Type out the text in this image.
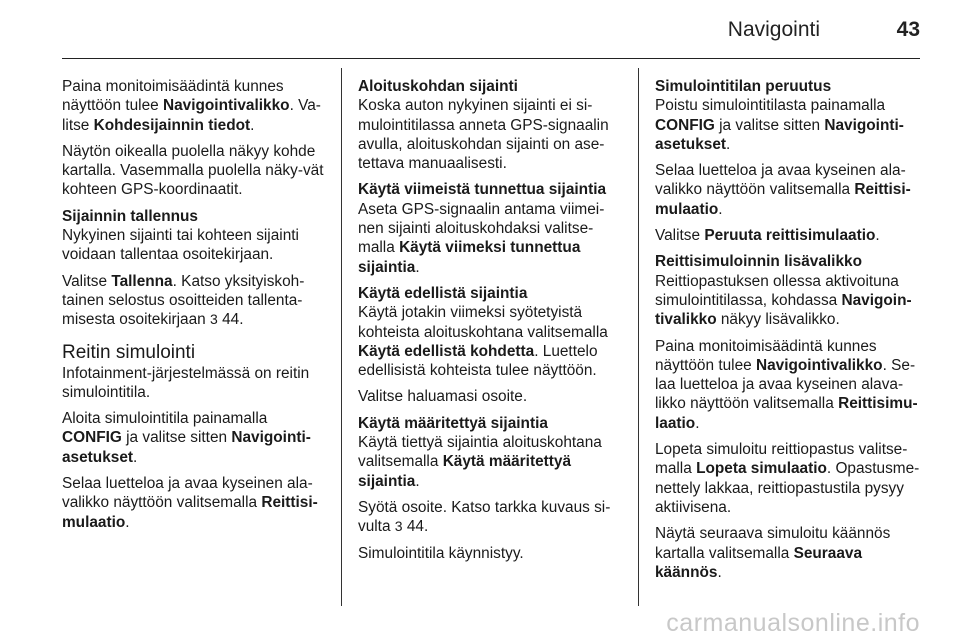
Navigointi	43

Paina monitoimisäädintä kunnes näyttöön tulee Navigointivalikko. Va-litse Kohdesijainnin tiedot.

Näytön oikealla puolella näkyy kohde kartalla. Vasemmalla puolella näky-vät kohteen GPS-koordinaatit.

Sijainnin tallennus

Nykyinen sijainti tai kohteen sijainti voidaan tallentaa osoitekirjaan.

Valitse Tallenna. Katso yksityiskoh-tainen selostus osoitteiden tallenta-misesta osoitekirjaan 3 44.

Reitin simulointi

Infotainment-järjestelmässä on reitin simulointitila.

Aloita simulointitila painamalla CONFIG ja valitse sitten Navigointi-asetukset.

Selaa luetteloa ja avaa kyseinen ala-valikko näyttöön valitsemalla Reittisi-mulaatio.

Aloituskohdan sijainti

Koska auton nykyinen sijainti ei si-mulointitilassa anneta GPS-signaalin avulla, aloituskohdan sijainti on ase-tettava manuaalisesti.

Käytä viimeistä tunnettua sijaintia

Aseta GPS-signaalin antama viimei-nen sijainti aloituskohdaksi valitse-malla Käytä viimeksi tunnettua sijaintia.

Käytä edellistä sijaintia

Käytä jotakin viimeksi syötetyistä kohteista aloituskohtana valitsemalla Käytä edellistä kohdetta. Luettelo edellisistä kohteista tulee näyttöön.

Valitse haluamasi osoite.

Käytä määritettyä sijaintia

Käytä tiettyä sijaintia aloituskohtana valitsemalla Käytä määritettyä sijaintia.

Syötä osoite. Katso tarkka kuvaus si-vulta 3 44.

Simulointitila käynnistyy.

Simulointitilan peruutus

Poistu simulointitilasta painamalla CONFIG ja valitse sitten Navigointi-asetukset.

Selaa luetteloa ja avaa kyseinen ala-valikko näyttöön valitsemalla Reittisi-mulaatio.

Valitse Peruuta reittisimulaatio.

Reittisimuloinnin lisävalikko

Reittiopastuksen ollessa aktivoituna simulointitilassa, kohdassa Navigoin-tivalikko näkyy lisävalikko.

Paina monitoimisäädintä kunnes näyttöön tulee Navigointivalikko. Se-laa luetteloa ja avaa kyseinen alava-likko näyttöön valitsemalla Reittisimu-laatio.

Lopeta simuloitu reittiopastus valitse-malla Lopeta simulaatio. Opastusme-nettely lakkaa, reittiopastustila pysyy aktiivisena.

Näytä seuraava simuloitu käännös kartalla valitsemalla Seuraava käännös.

carmanualsonline.info
